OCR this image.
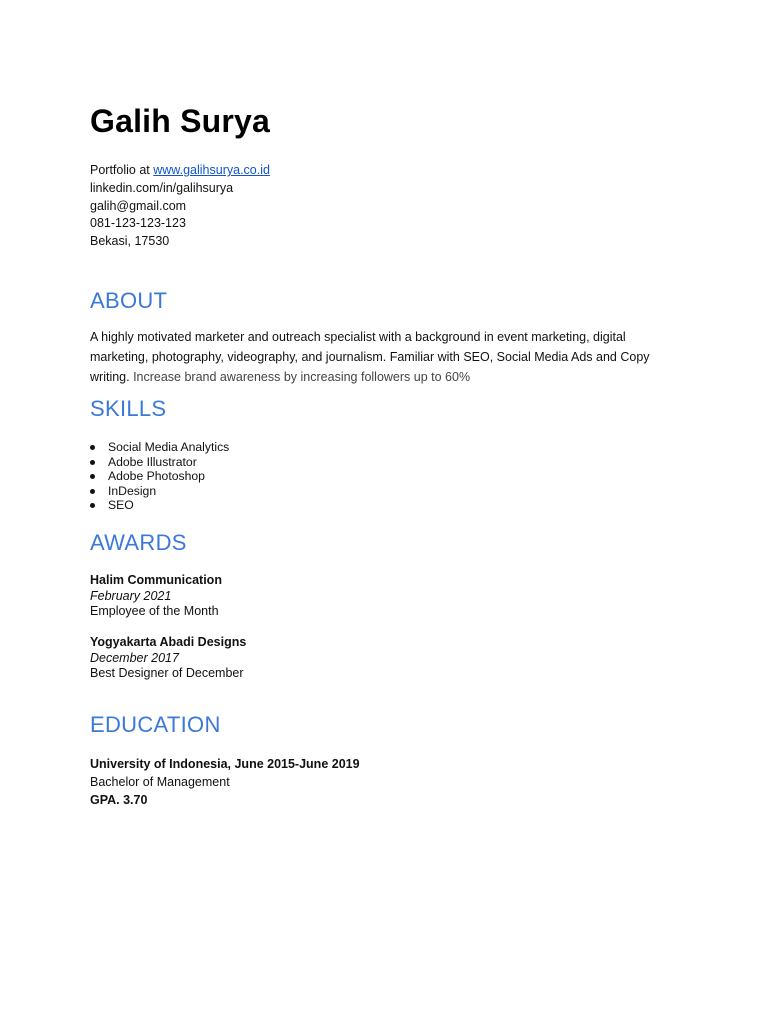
Galih Surya
Portfolio at www.galihsurya.co.id
linkedin.com/in/galihsurya
galih@gmail.com
081-123-123-123
Bekasi, 17530
ABOUT
A highly motivated marketer and outreach specialist with a background in event marketing, digital marketing, photography, videography, and journalism. Familiar with SEO, Social Media Ads and Copy writing. Increase brand awareness by increasing followers up to 60%
SKILLS
Social Media Analytics
Adobe Illustrator
Adobe Photoshop
InDesign
SEO
AWARDS
Halim Communication
February 2021
Employee of the Month
Yogyakarta Abadi Designs
December 2017
Best Designer of December
EDUCATION
University of Indonesia, June 2015-June 2019
Bachelor of Management
GPA. 3.70
